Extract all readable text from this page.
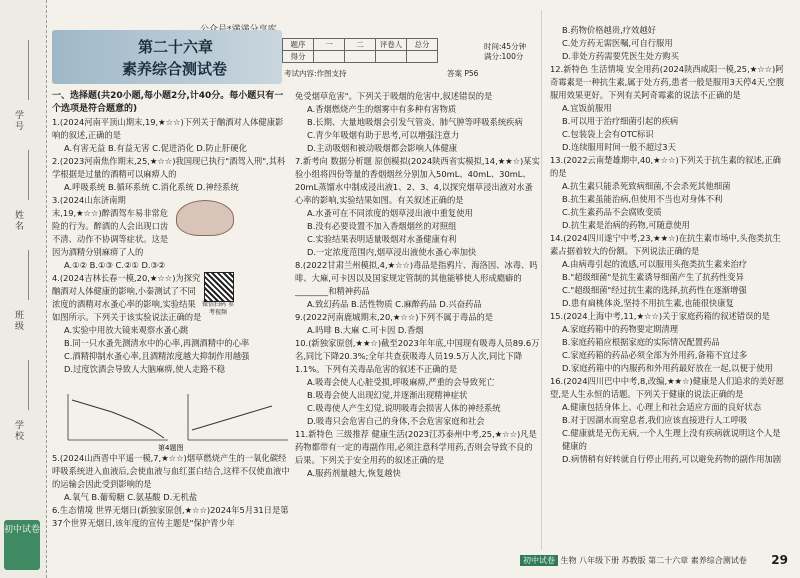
学号
姓名
班级
学校
初中试卷
第二十六章
素养综合测试卷
题序	一	二	评卷人	总分
得分				
时间:45分钟
满分:100分
考试内容:作图支持	答案 P56

一、选择题(共20小题,每小题2分,计40分。每小题只有一个选项是符合题意的)

1.(2024河南平顶山期末,19,★☆☆)下列关于酗酒对人体健康影响的叙述,正确的是

A.有害无益 B.有益无害 C.促进消化 D.防止肝硬化

2.(2023河南焦作期末,25,★☆☆)我国现已执行"酒驾入刑",其科学根据是过量的酒精可以麻痹人的

A.呼吸系统 B.循环系统 C.消化系统 D.神经系统

3.(2024山东济南期末,19,★☆☆)醉酒驾车易非常危险的行为。醉酒的人会出现口齿不清、动作不协调等症状。这是因为酒精分别麻痹了人的

A.①② B.①③ C.②① D.③②

4.(2024吉林长春一模,20,★☆☆)为探究酗酒对人体健康的影响,小秦测试了不同浓度的酒精对水蚤心率的影响,实验结果如图所示。下列关于该实验说法正确的是

A.实验中用放大镜来观察水蚤心跳

B.同一只水蚤先测清水中的心率,再测酒精中的心率

C.酒精抑制水蚤心率,且酒精浓度越大抑制作用越强

D.过度饮酒会导致人大脑麻痹,使人走路不稳

5.(2024山西晋中平遥一模,7,★☆☆)烟草燃烧产生的一氧化碳经呼吸系统进入血液后,会使血液与血红蛋白结合,这样不仅使血液中的运输会因此受到影响的是

A.氧气 B.葡萄糖 C.氨基酸 D.无机盐

6.生态情境 世界无烟日(新独家原创,★☆☆)2024年5月31日是第37个世界无烟日,该年度的宣传主题是"保护青少年

微信扫码 参考视频
第4题图

免受烟草危害"。下列关于吸烟的危害中,叙述错误的是

A.香烟燃烧产生的烟雾中有多种有害物质

B.长期、大量地吸烟会引发气管炎、肺气肿等呼吸系统疾病

C.青少年吸烟有助于思考,可以增强注意力

D.主动吸烟和被动吸烟都会影响人体健康

7.新考向 数据分析题 原创模拟(2024陕西省实模拟,14,★★☆)某实验小组将四份等量的香烟烟丝分别加入50mL、40mL、30mL、20mL蒸馏水中制成浸出液1、2、3、4,以探究烟草浸出液对水蚤心率的影响,实验结果如图。有关叙述正确的是

A.水蚤可在不同浓度的烟草浸出液中重复使用

B.没有必要设置不加入香烟烟丝的对照组

C.实验结果表明适量吸烟对水蚤健康有利

D.一定浓度范围内,烟草浸出液使水蚤心率加快

8.(2022甘肃兰州模拟,4,★☆☆)毒品是指鸦片、海洛因、冰毒、吗啡、大麻,可卡因以及国家规定管制的其他能够使人形成瘾癖的________和精神药品

A.致幻药品 B.活性物质 C.麻醉药品 D.兴奋药品

9.(2022河南鹿城期末,20,★☆☆)下列不属于毒品的是

A.吗啡 B.大麻 C.可卡因 D.香烟

10.(新独家原创,★★☆)截至2023年年底,中国现有吸毒人员89.6万名,同比下降20.3%;全年共查获吸毒人员19.5万人次,同比下降1.1%。下列有关毒品危害的叙述不正确的是

A.吸毒会使人心脏受损,呼吸麻痹,严重的会导致死亡

B.吸毒会使人出现幻觉,并逐渐出现精神症状

C.吸毒使人产生幻觉,说明吸毒会损害人体的神经系统

D.吸毒只会危害自己的身体,不会危害家庭和社会

11.新特色 三级推荐 健康生活(2023江苏泰州中考,25,★☆☆)凡是药物都带有一定的毒副作用,必须注意科学用药,否则会导致不良的后果。下列关于安全用药的叙述正确的是

A.服药剂量越大,恢复越快

B.药物价格越贵,疗效越好

C.处方药无需医嘱,可自行服用

D.非处方药需要凭医生处方购买

12.新特色 生活情境 安全用药(2024陕西咸阳一模,25,★☆☆)阿奇霉素是一种抗生素,属于处方药,患者一般是服用3天停4天,空腹服用效果更好。下列有关阿奇霉素的说法不正确的是

A.宜饭前服用

B.可以用于治疗细菌引起的疾病

C.包装袋上会有OTC标识

D.连续服用时间一般不超过3天

13.(2022云南楚雄期中,40,★☆☆)下列关于抗生素的叙述,正确的是

A.抗生素只能杀死致病细菌,不会杀死其他细菌

B.抗生素虽能治病,但使用不当也对身体不利

C.抗生素药品不会腐败变质

D.抗生素是治病的药物,可随意使用

14.(2024四川遂宁中考,23,★★☆)在抗生素市场中,头孢类抗生素占据着较大的份额。下列说法正确的是

A.由病毒引起的流感,可以服用头孢类抗生素来治疗

B."超级细菌"是抗生素诱导细菌产生了抗药性变异

C."超级细菌"经过抗生素的选择,抗药性在逐渐增强

D.患有扁桃体炎,坚持不用抗生素,也能很快康复

15.(2024上海中考,11,★☆☆)关于家庭药箱的叙述错误的是

A.家庭药箱中的药物要定期清理

B.家庭药箱应根据家庭的实际情况配置药品

C.家庭药箱的药品必须全部为外用药,备箱不宜过多

D.家庭药箱中的内服药和外用药最好放在一起,以便于使用

16.(2024四川巴中中考,8,改编,★★☆)健康是人们追求的美好愿望,是人生永恒的话题。下列关于健康的说法正确的是

A.健康包括身体上、心理上和社会适应方面的良好状态

B.对于因湖水而窒息者,我们应该直接进行人工呼吸

C.健康就是无伤无病,一个人生理上没有疾病就说明这个人是健康的

D.病情稍有好转就自行停止用药,可以避免药物的副作用加剧

初中试卷 生物 八年级下册 苏教版 第二十六章 素养综合测试卷	29
